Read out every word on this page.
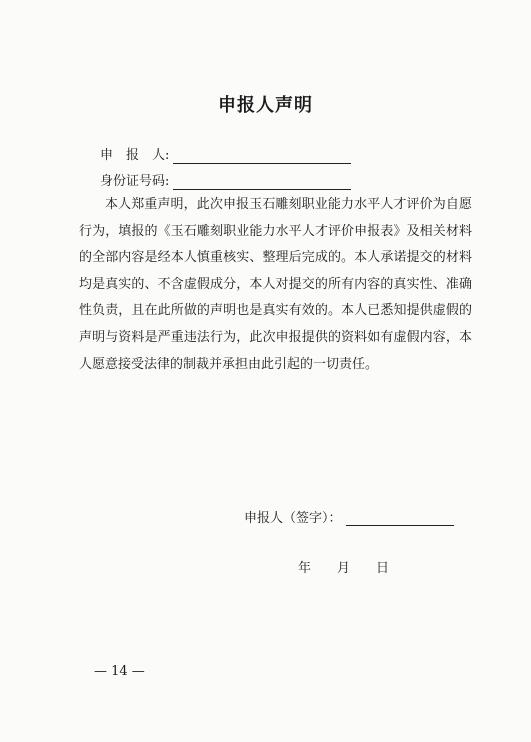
申报人声明
申　报　人:
身份证号码:

本人郑重声明，此次申报玉石雕刻职业能力水平人才评价为自愿行为，填报的《玉石雕刻职业能力水平人才评价申报表》及相关材料的全部内容是经本人慎重核实、整理后完成的。本人承诺提交的材料均是真实的、不含虚假成分，本人对提交的所有内容的真实性、准确性负责，且在此所做的声明也是真实有效的。本人已悉知提供虚假的声明与资料是严重违法行为，此次申报提供的资料如有虚假内容，本人愿意接受法律的制裁并承担由此引起的一切责任。

申报人（签字）：
年　　月　　日
— 14 —
